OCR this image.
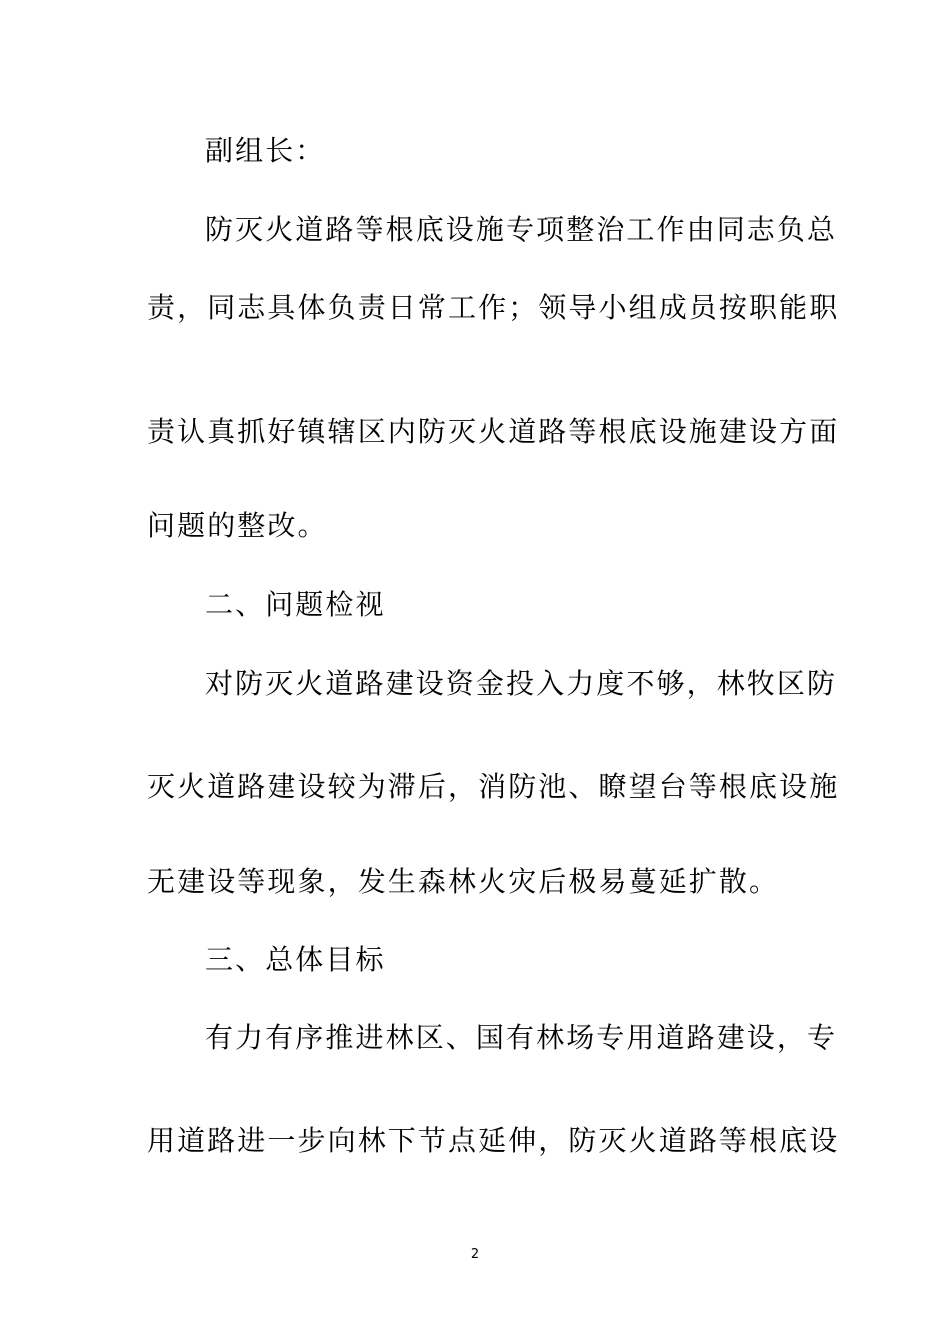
副组长：
防灭火道路等根底设施专项整治工作由同志负总
责，同志具体负责日常工作；领导小组成员按职能职
责认真抓好镇辖区内防灭火道路等根底设施建设方面
问题的整改。
二、问题检视
对防灭火道路建设资金投入力度不够，林牧区防
灭火道路建设较为滞后，消防池、瞭望台等根底设施
无建设等现象，发生森林火灾后极易蔓延扩散。
三、总体目标
有力有序推进林区、国有林场专用道路建设，专
用道路进一步向林下节点延伸，防灭火道路等根底设
2
